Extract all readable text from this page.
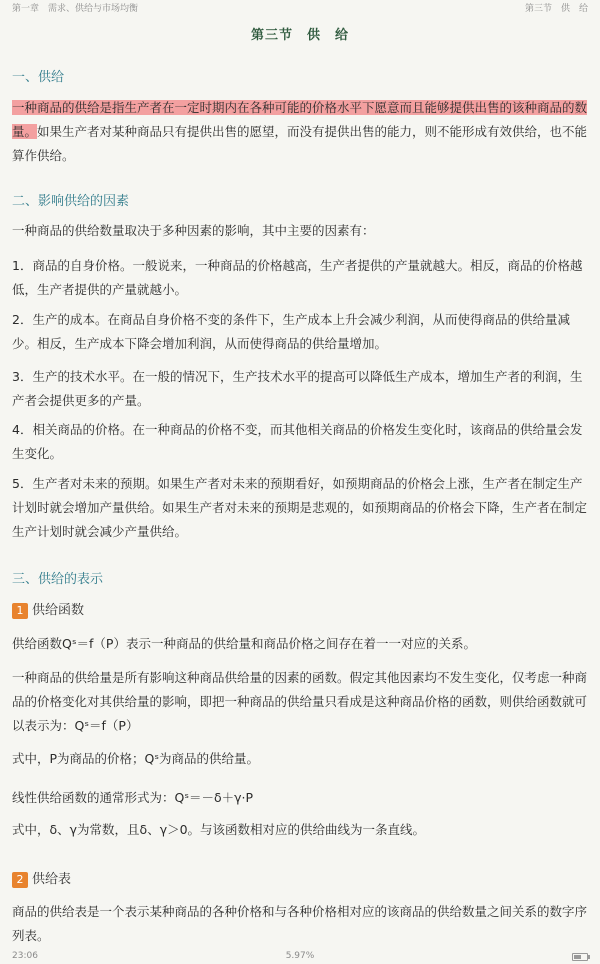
第一章　需求、供给与市场均衡	第三节　供　给
第三节　供　给
一、供给
一种商品的供给是指生产者在一定时期内在各种可能的价格水平下愿意而且能够提供出售的该种商品的数量。如果生产者对某种商品只有提供出售的愿望，而没有提供出售的能力，则不能形成有效供给，也不能算作供给。
二、影响供给的因素
一种商品的供给数量取决于多种因素的影响，其中主要的因素有：
1．商品的自身价格。一般说来，一种商品的价格越高，生产者提供的产量就越大。相反，商品的价格越低，生产者提供的产量就越小。
2．生产的成本。在商品自身价格不变的条件下，生产成本上升会减少利润，从而使得商品的供给量减少。相反，生产成本下降会增加利润，从而使得商品的供给量增加。
3．生产的技术水平。在一般的情况下，生产技术水平的提高可以降低生产成本，增加生产者的利润，生产者会提供更多的产量。
4．相关商品的价格。在一种商品的价格不变，而其他相关商品的价格发生变化时，该商品的供给量会发生变化。
5．生产者对未来的预期。如果生产者对未来的预期看好，如预期商品的价格会上涨，生产者在制定生产计划时就会增加产量供给。如果生产者对未来的预期是悲观的，如预期商品的价格会下降，生产者在制定生产计划时就会减少产量供给。
三、供给的表示
1 供给函数
供给函数Qˢ＝f（P）表示一种商品的供给量和商品价格之间存在着一一对应的关系。
一种商品的供给量是所有影响这种商品供给量的因素的函数。假定其他因素均不发生变化，仅考虑一种商品的价格变化对其供给量的影响，即把一种商品的供给量只看成是这种商品价格的函数，则供给函数就可以表示为：Qˢ＝f（P）
式中，P为商品的价格；Qˢ为商品的供给量。
线性供给函数的通常形式为：Qˢ＝－δ＋γ·P
式中，δ、γ为常数，且δ、γ＞0。与该函数相对应的供给曲线为一条直线。
2 供给表
商品的供给表是一个表示某种商品的各种价格和与各种价格相对应的该商品的供给数量之间关系的数字序列表。
23:06	5.97%
